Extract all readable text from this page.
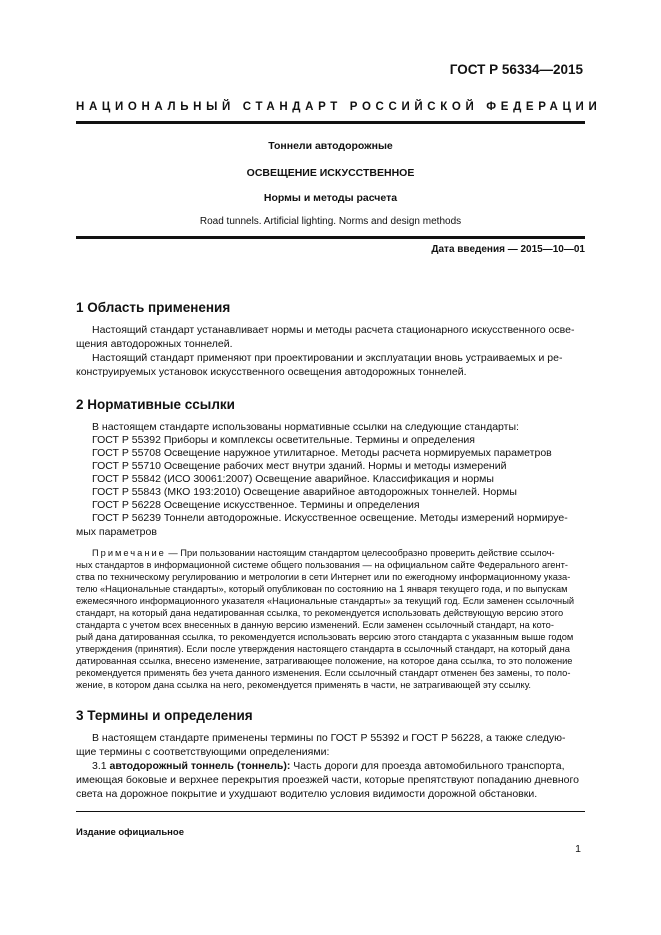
ГОСТ Р 56334—2015
НАЦИОНАЛЬНЫЙ СТАНДАРТ РОССИЙСКОЙ ФЕДЕРАЦИИ
Тоннели автодорожные
ОСВЕЩЕНИЕ ИСКУССТВЕННОЕ
Нормы и методы расчета
Road tunnels. Artificial lighting. Norms and design methods
Дата введения — 2015—10—01
1 Область применения
Настоящий стандарт устанавливает нормы и методы расчета стационарного искусственного осве-
щения автодорожных тоннелей.
Настоящий стандарт применяют при проектировании и эксплуатации вновь устраиваемых и ре-
конструируемых установок искусственного освещения автодорожных тоннелей.
2 Нормативные ссылки
В настоящем стандарте использованы нормативные ссылки на следующие стандарты:
ГОСТ Р 55392 Приборы и комплексы осветительные. Термины и определения
ГОСТ Р 55708 Освещение наружное утилитарное. Методы расчета нормируемых параметров
ГОСТ Р 55710 Освещение рабочих мест внутри зданий. Нормы и методы измерений
ГОСТ Р 55842 (ИСО 30061:2007) Освещение аварийное. Классификация и нормы
ГОСТ Р 55843 (МКО 193:2010) Освещение аварийное автодорожных тоннелей. Нормы
ГОСТ Р 56228 Освещение искусственное. Термины и определения
ГОСТ Р 56239 Тоннели автодорожные. Искусственное освещение. Методы измерений нормируе-
мых параметров
Примечание — При пользовании настоящим стандартом целесообразно проверить действие ссылоч-
ных стандартов в информационной системе общего пользования — на официальном сайте Федерального агент-
ства по техническому регулированию и метрологии в сети Интернет или по ежегодному информационному указа-
телю «Национальные стандарты», который опубликован по состоянию на 1 января текущего года, и по выпускам
ежемесячного информационного указателя «Национальные стандарты» за текущий год. Если заменен ссылочный
стандарт, на который дана недатированная ссылка, то рекомендуется использовать действующую версию этого
стандарта с учетом всех внесенных в данную версию изменений. Если заменен ссылочный стандарт, на кото-
рый дана датированная ссылка, то рекомендуется использовать версию этого стандарта с указанным выше годом
утверждения (принятия). Если после утверждения настоящего стандарта в ссылочный стандарт, на который дана
датированная ссылка, внесено изменение, затрагивающее положение, на которое дана ссылка, то это положение
рекомендуется применять без учета данного изменения. Если ссылочный стандарт отменен без замены, то поло-
жение, в котором дана ссылка на него, рекомендуется применять в части, не затрагивающей эту ссылку.
3 Термины и определения
В настоящем стандарте применены термины по ГОСТ Р 55392 и ГОСТ Р 56228, а также следую-
щие термины с соответствующими определениями:
3.1 автодорожный тоннель (тоннель): Часть дороги для проезда автомобильного транспорта,
имеющая боковые и верхнее перекрытия проезжей части, которые препятствуют попаданию дневного
света на дорожное покрытие и ухудшают водителю условия видимости дорожной обстановки.
Издание официальное
1
